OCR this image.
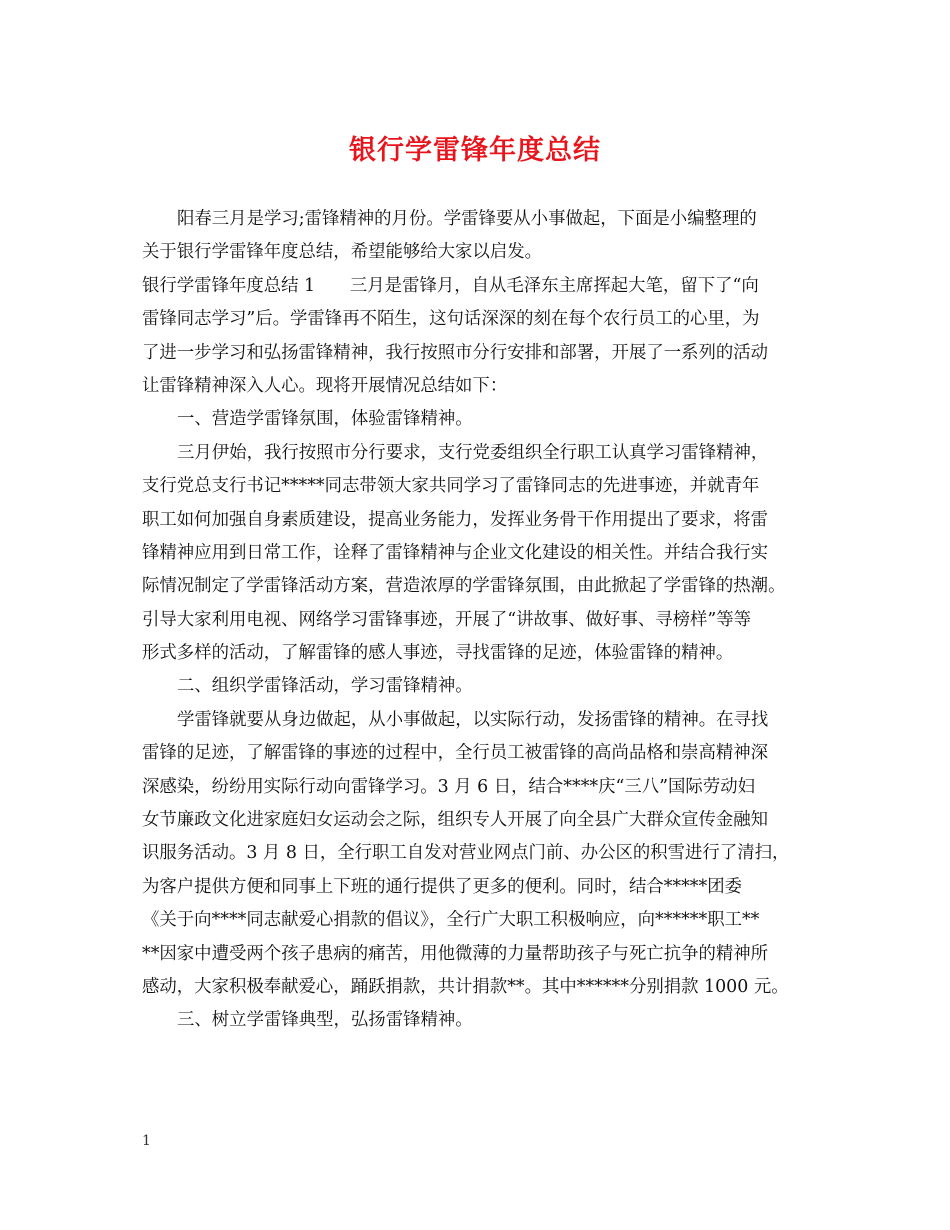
银行学雷锋年度总结
阳春三月是学习;雷锋精神的月份。学雷锋要从小事做起，下面是小编整理的
关于银行学雷锋年度总结，希望能够给大家以启发。
银行学雷锋年度总结 1　　三月是雷锋月，自从毛泽东主席挥起大笔，留下了“向
雷锋同志学习”后。学雷锋再不陌生，这句话深深的刻在每个农行员工的心里，为
了进一步学习和弘扬雷锋精神，我行按照市分行安排和部署，开展了一系列的活动
让雷锋精神深入人心。现将开展情况总结如下：
一、营造学雷锋氛围，体验雷锋精神。
三月伊始，我行按照市分行要求，支行党委组织全行职工认真学习雷锋精神，
支行党总支行书记*****同志带领大家共同学习了雷锋同志的先进事迹，并就青年
职工如何加强自身素质建设，提高业务能力，发挥业务骨干作用提出了要求，将雷
锋精神应用到日常工作，诠释了雷锋精神与企业文化建设的相关性。并结合我行实
际情况制定了学雷锋活动方案，营造浓厚的学雷锋氛围，由此掀起了学雷锋的热潮。
引导大家利用电视、网络学习雷锋事迹，开展了“讲故事、做好事、寻榜样”等等
形式多样的活动，了解雷锋的感人事迹，寻找雷锋的足迹，体验雷锋的精神。
二、组织学雷锋活动，学习雷锋精神。
学雷锋就要从身边做起，从小事做起，以实际行动，发扬雷锋的精神。在寻找
雷锋的足迹，了解雷锋的事迹的过程中，全行员工被雷锋的高尚品格和崇高精神深
深感染，纷纷用实际行动向雷锋学习。3 月 6 日，结合****庆“三八”国际劳动妇
女节廉政文化进家庭妇女运动会之际，组织专人开展了向全县广大群众宣传金融知
识服务活动。3 月 8 日，全行职工自发对营业网点门前、办公区的积雪进行了清扫，
为客户提供方便和同事上下班的通行提供了更多的便利。同时，结合*****团委
《关于向****同志献爱心捐款的倡议》，全行广大职工积极响应，向******职工**
**因家中遭受两个孩子患病的痛苦，用他微薄的力量帮助孩子与死亡抗争的精神所
感动，大家积极奉献爱心，踊跃捐款，共计捐款**。其中******分别捐款 1000 元。
三、树立学雷锋典型，弘扬雷锋精神。
1
